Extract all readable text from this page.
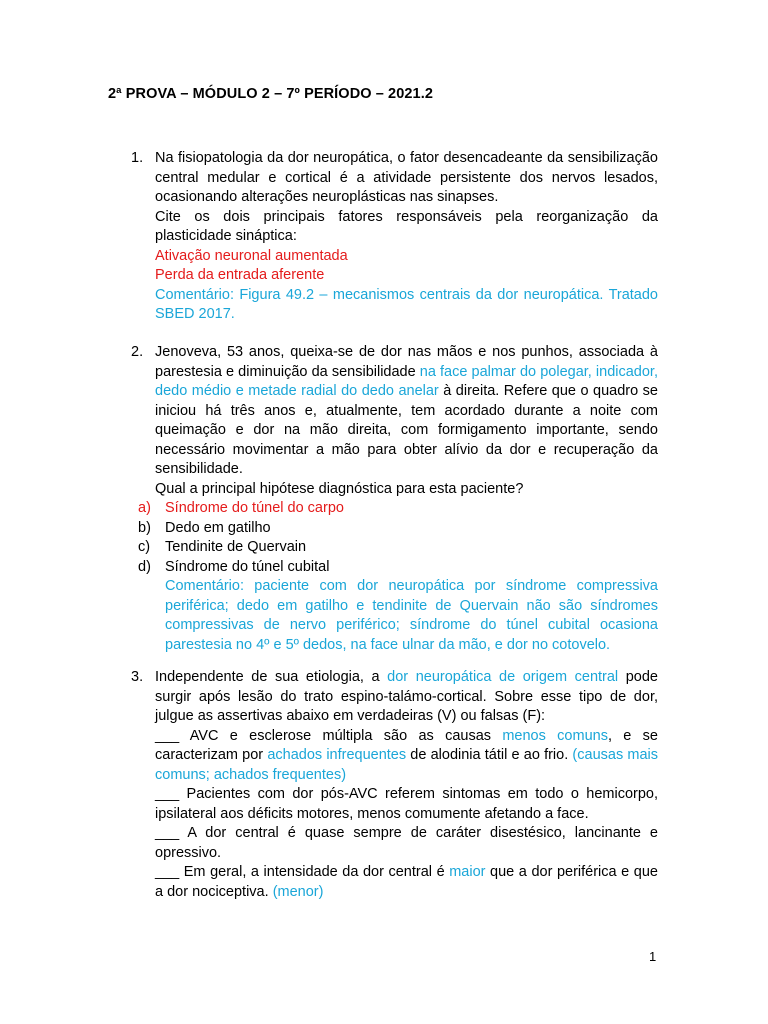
2ª PROVA – MÓDULO 2 – 7º PERÍODO – 2021.2
1. Na fisiopatologia da dor neuropática, o fator desencadeante da sensibilização central medular e cortical é a atividade persistente dos nervos lesados, ocasionando alterações neuroplásticas nas sinapses.

Cite os dois principais fatores responsáveis pela reorganização da plasticidade sináptica:

Ativação neuronal aumentada

Perda da entrada aferente

Comentário: Figura 49.2 – mecanismos centrais da dor neuropática. Tratado SBED 2017.

2. Jenoveva, 53 anos, queixa-se de dor nas mãos e nos punhos, associada à parestesia e diminuição da sensibilidade na face palmar do polegar, indicador, dedo médio e metade radial do dedo anelar à direita. Refere que o quadro se iniciou há três anos e, atualmente, tem acordado durante a noite com queimação e dor na mão direita, com formigamento importante, sendo necessário movimentar a mão para obter alívio da dor e recuperação da sensibilidade.

Qual a principal hipótese diagnóstica para esta paciente?

a) Síndrome do túnel do carpo
b) Dedo em gatilho
c) Tendinite de Quervain
d) Síndrome do túnel cubital

Comentário: paciente com dor neuropática por síndrome compressiva periférica; dedo em gatilho e tendinite de Quervain não são síndromes compressivas de nervo periférico; síndrome do túnel cubital ocasiona parestesia no 4º e 5º dedos, na face ulnar da mão, e dor no cotovelo.

3. Independente de sua etiologia, a dor neuropática de origem central pode surgir após lesão do trato espino-talámo-cortical. Sobre esse tipo de dor, julgue as assertivas abaixo em verdadeiras (V) ou falsas (F):

___ AVC e esclerose múltipla são as causas menos comuns, e se caracterizam por achados infrequentes de alodinia tátil e ao frio. (causas mais comuns; achados frequentes)

___ Pacientes com dor pós-AVC referem sintomas em todo o hemicorpo, ipsilateral aos déficits motores, menos comumente afetando a face.

___ A dor central é quase sempre de caráter disestésico, lancinante e opressivo.

___ Em geral, a intensidade da dor central é maior que a dor periférica e que a dor nociceptiva. (menor)

1
